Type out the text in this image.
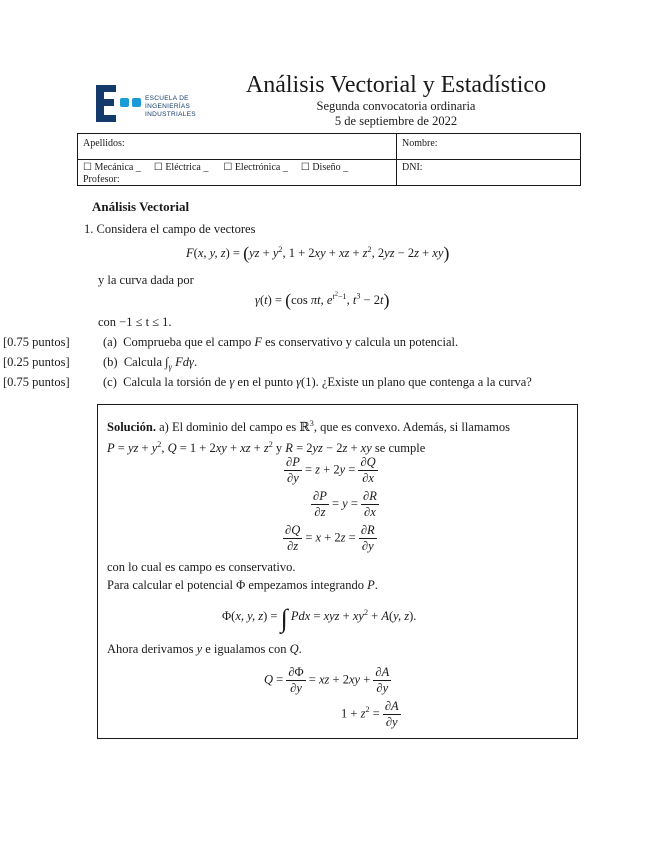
ESCUELA DE
INGENIERÍAS
INDUSTRIALES
Análisis Vectorial y Estadístico
Segunda convocatoria ordinaria
5 de septiembre de 2022
Apellidos:	Nombre:
☐ Mecánica _ ☐ Eléctrica _ ☐ Electrónica _ ☐ Diseño _
Profesor:
DNI:
Análisis Vectorial
1. Considera el campo de vectores
F(x, y, $z) = (yz + y^2$, 1 + 2xy + xz + $z^2$, 2yz − 2z + xy)
y la curva dada por
γ(t) = (cos πt, $e^{t^2-1}$, $t^3 - 2t$)
con −1 ≤ t ≤ 1.
[0.75 puntos]	(a) Comprueba que el campo F es conservativo y calcula un potencial.
[0.25 puntos]	(b) Calcula $\int_\gamma$ Fdγ.
[0.75 puntos]	(c) Calcula la torsión de γ en el punto γ(1). ¿Existe un plano que contenga a la curva?
Solución. a) El dominio del campo es ℝ$^3$, que es convexo. Además, si llamamos
P = yz + $y^2$, Q = 1 + 2xy + xz + $z^2$ y R = 2yz − 2z + xy se cumple
$\frac{\partial P}{\partial y} = z + 2y = \frac{\partial Q}{\partial x}$
$\frac{\partial P}{\partial z} = y = \frac{\partial R}{\partial x}$
$\frac{\partial Q}{\partial z} = x + 2z = \frac{\partial R}{\partial y}$
con lo cual es campo es conservativo.
Para calcular el potencial Φ empezamos integrando P.
Φ(x, y, z) = ∫ Pdx = xyz + $xy^2 + A(y$, z).
Ahora derivamos y e igualamos con Q.
$Q = \frac{\partial\Phi}{\partial y}$ = xz + $2xy + \frac{\partial A}{\partial y}$
$1 + z^2 = \frac{\partial A}{\partial y}$
